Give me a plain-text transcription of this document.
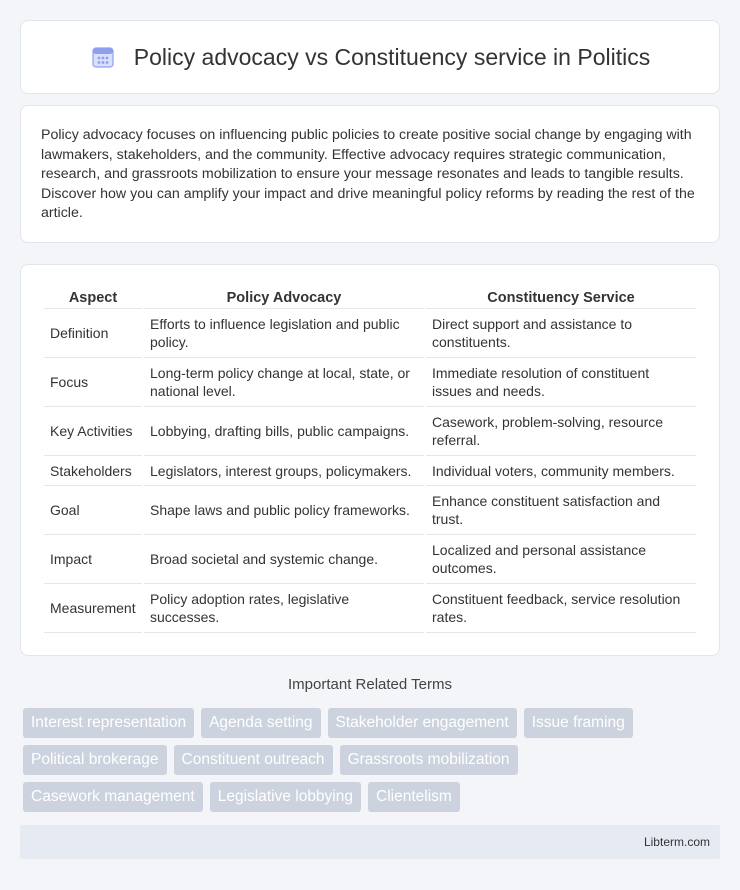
Policy advocacy vs Constituency service in Politics

Policy advocacy focuses on influencing public policies to create positive social change by engaging with lawmakers, stakeholders, and the community. Effective advocacy requires strategic communication, research, and grassroots mobilization to ensure your message resonates and leads to tangible results. Discover how you can amplify your impact and drive meaningful policy reforms by reading the rest of the article.

Aspect	Policy Advocacy	Constituency Service
Definition	Efforts to influence legislation and public policy.	Direct support and assistance to constituents.
Focus	Long-term policy change at local, state, or national level.	Immediate resolution of constituent issues and needs.
Key Activities	Lobbying, drafting bills, public campaigns.	Casework, problem-solving, resource referral.
Stakeholders	Legislators, interest groups, policymakers.	Individual voters, community members.
Goal	Shape laws and public policy frameworks.	Enhance constituent satisfaction and trust.
Impact	Broad societal and systemic change.	Localized and personal assistance outcomes.
Measurement	Policy adoption rates, legislative successes.	Constituent feedback, service resolution rates.
Important Related Terms
Interest representation	Agenda setting	Stakeholder engagement	Issue framing
Political brokerage	Constituent outreach	Grassroots mobilization
Casework management	Legislative lobbying	Clientelism
Libterm.com
